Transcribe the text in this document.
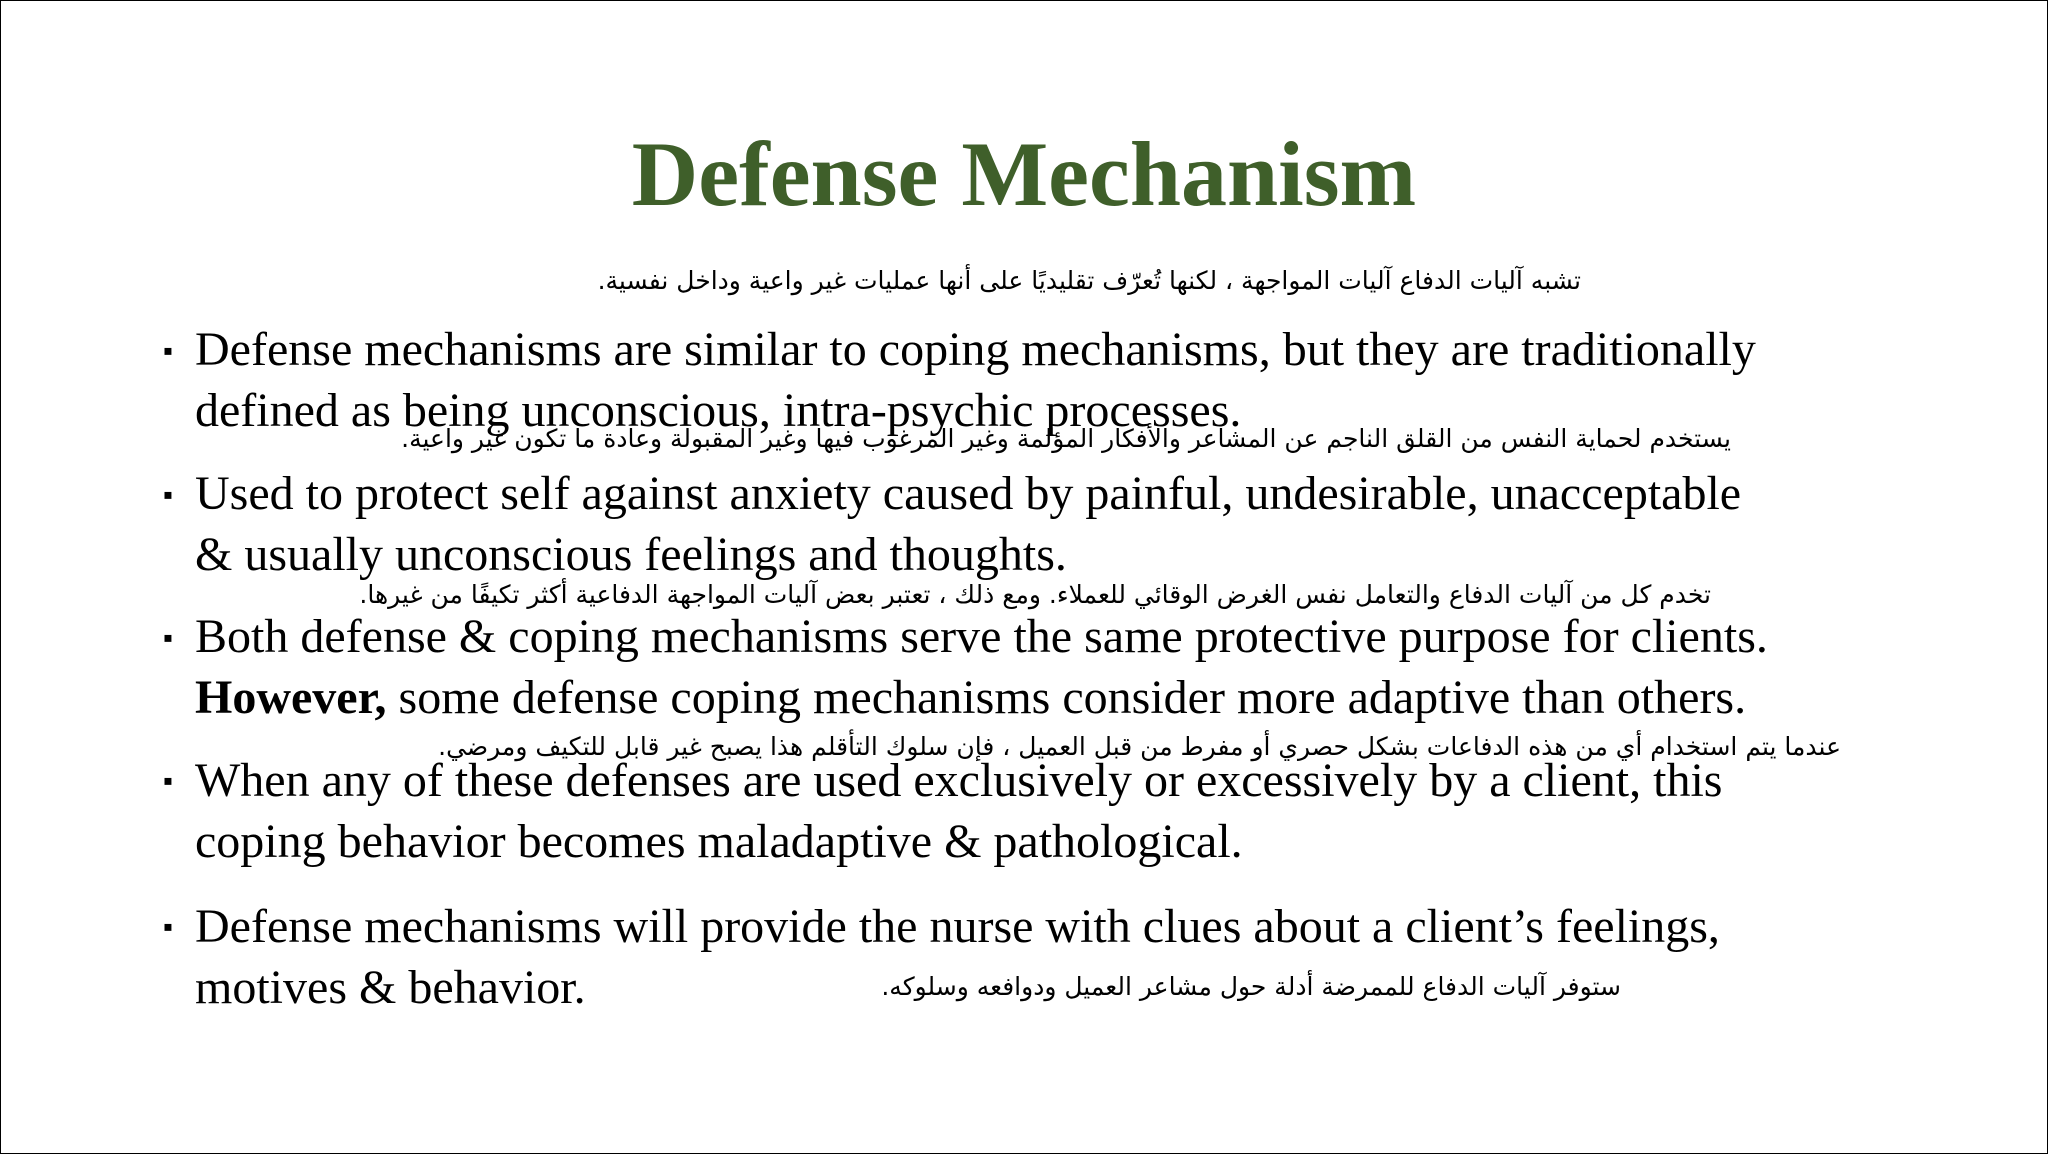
Defense Mechanism
تشبه آليات الدفاع آليات المواجهة ، لكنها تُعرّف تقليديًا على أنها عمليات غير واعية وداخل نفسية.
▪ Defense mechanisms are similar to coping mechanisms, but they are traditionally
defined as being unconscious, intra-psychic processes.

يستخدم لحماية النفس من القلق الناجم عن المشاعر والأفكار المؤلمة وغير المرغوب فيها وغير المقبولة وعادة ما تكون غير واعية.
▪ Used to protect self against anxiety caused by painful, undesirable, unacceptable
& usually unconscious feelings and thoughts.

تخدم كل من آليات الدفاع والتعامل نفس الغرض الوقائي للعملاء. ومع ذلك ، تعتبر بعض آليات المواجهة الدفاعية أكثر تكيفًا من غيرها.
▪ Both defense & coping mechanisms serve the same protective purpose for clients.
However, some defense coping mechanisms consider more adaptive than others.

عندما يتم استخدام أي من هذه الدفاعات بشكل حصري أو مفرط من قبل العميل ، فإن سلوك التأقلم هذا يصبح غير قابل للتكيف ومرضي.
▪ When any of these defenses are used exclusively or excessively by a client, this
coping behavior becomes maladaptive & pathological.

▪ Defense mechanisms will provide the nurse with clues about a client’s feelings,
motives & behavior.	ستوفر آليات الدفاع للممرضة أدلة حول مشاعر العميل ودوافعه وسلوكه.
